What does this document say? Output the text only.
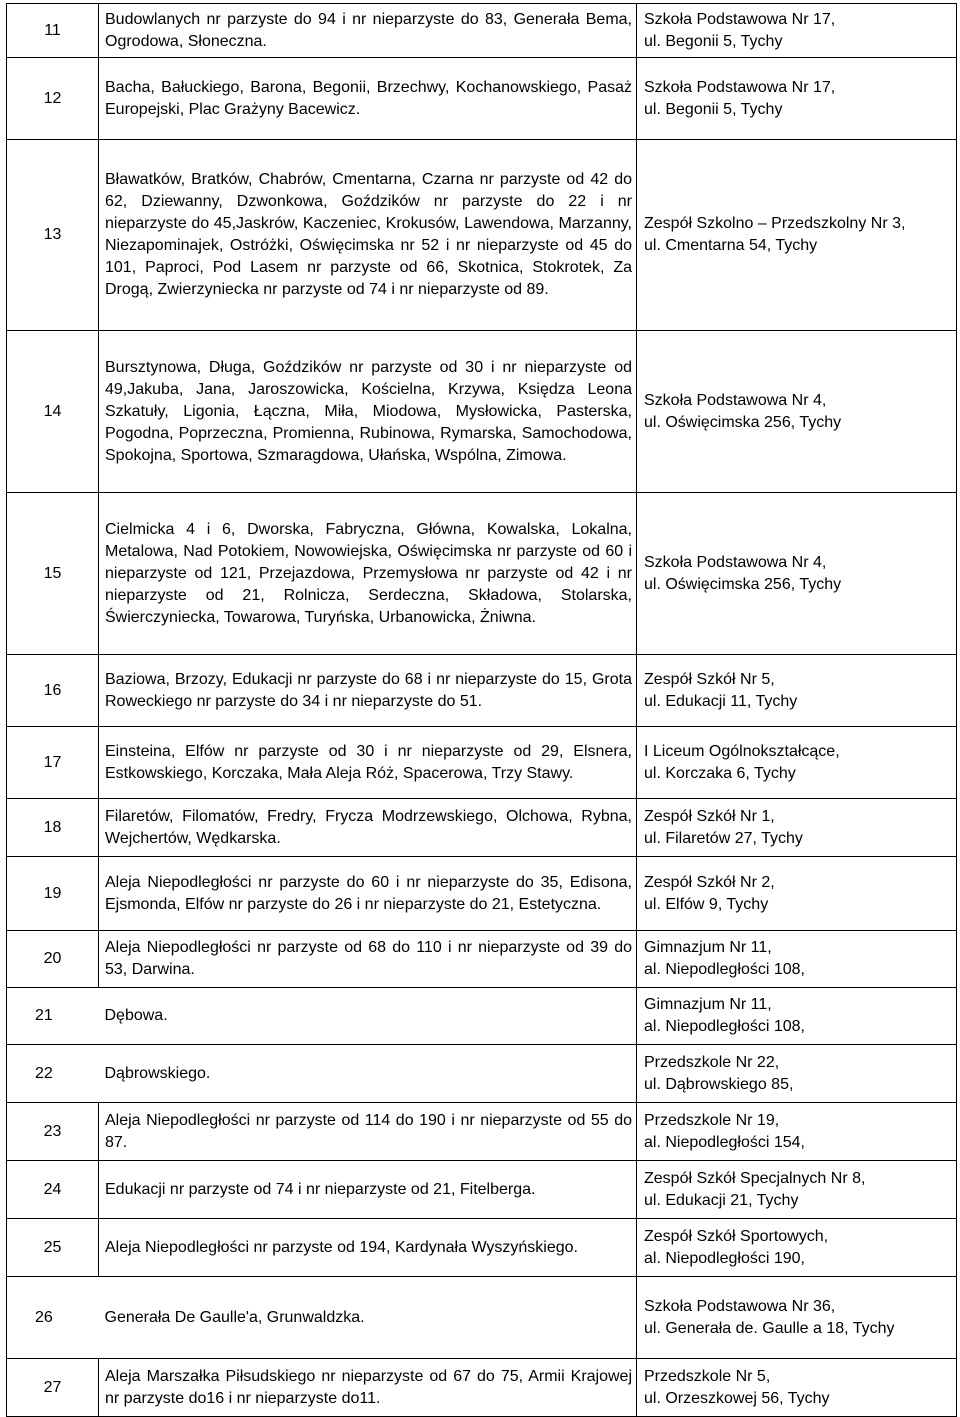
11	Budowlanych nr parzyste do 94 i nr nieparzyste do 83, Generała Bema, Ogrodowa, Słoneczna.	Szkoła Podstawowa Nr 17,
ul. Begonii 5, Tychy

12	Bacha, Bałuckiego, Barona, Begonii, Brzechwy, Kochanowskiego, Pasaż Europejski, Plac Grażyny Bacewicz.	Szkoła Podstawowa Nr 17,
ul. Begonii 5, Tychy

13	Bławatków, Bratków, Chabrów, Cmentarna, Czarna nr parzyste od 42 do 62, Dziewanny, Dzwonkowa, Goździków nr parzyste do 22 i nr nieparzyste do 45,Jaskrów, Kaczeniec, Krokusów, Lawendowa, Marzanny, Niezapominajek, Ostróżki, Oświęcimska nr 52 i nr nieparzyste od 45 do 101, Paproci, Pod Lasem nr parzyste od 66, Skotnica, Stokrotek, Za Drogą, Zwierzyniecka nr parzyste od 74 i nr nieparzyste od 89.	Zespół Szkolno – Przedszkolny Nr 3,
ul. Cmentarna 54, Tychy

14	Bursztynowa, Długa, Goździków nr parzyste od 30 i nr nieparzyste od 49,Jakuba, Jana, Jaroszowicka, Kościelna, Krzywa, Księdza Leona Szkatuły, Ligonia, Łączna, Miła, Miodowa, Mysłowicka, Pasterska, Pogodna, Poprzeczna, Promienna, Rubinowa, Rymarska, Samochodowa, Spokojna, Sportowa, Szmaragdowa, Ułańska, Wspólna, Zimowa.	Szkoła Podstawowa Nr 4,
ul. Oświęcimska 256, Tychy

15	Cielmicka 4 i 6, Dworska, Fabryczna, Główna, Kowalska, Lokalna, Metalowa, Nad Potokiem, Nowowiejska, Oświęcimska nr parzyste od 60 i nieparzyste od 121, Przejazdowa, Przemysłowa nr parzyste od 42 i nr nieparzyste od 21, Rolnicza, Serdeczna, Składowa, Stolarska, Świerczyniecka, Towarowa, Turyńska, Urbanowicka, Żniwna.	Szkoła Podstawowa Nr 4,
ul. Oświęcimska 256, Tychy

16	Baziowa, Brzozy, Edukacji nr parzyste do 68 i nr nieparzyste do 15, Grota Roweckiego nr parzyste do 34 i nr nieparzyste do 51.	Zespół Szkół Nr 5,
ul. Edukacji 11, Tychy

17	Einsteina, Elfów nr parzyste od 30 i nr nieparzyste od 29, Elsnera, Estkowskiego, Korczaka, Mała Aleja Róż, Spacerowa, Trzy Stawy.	I Liceum Ogólnokształcące,
ul. Korczaka 6, Tychy

18	Filaretów, Filomatów, Fredry, Frycza Modrzewskiego, Olchowa, Rybna, Wejchertów, Wędkarska.	Zespół Szkół Nr 1,
ul. Filaretów 27, Tychy

19	Aleja Niepodległości nr parzyste do 60 i nr nieparzyste do 35, Edisona, Ejsmonda, Elfów nr parzyste do 26 i nr nieparzyste do 21, Estetyczna.	Zespół Szkół Nr 2,
ul. Elfów 9, Tychy

20	Aleja Niepodległości nr parzyste od 68 do 110 i nr nieparzyste od 39 do 53, Darwina.	Gimnazjum Nr 11,
al. Niepodległości 108,

21	Dębowa.	Gimnazjum Nr 11,
al. Niepodległości 108,

22	Dąbrowskiego.	Przedszkole Nr 22,
ul. Dąbrowskiego 85,

23	Aleja Niepodległości nr parzyste od 114 do 190 i nr nieparzyste od 55 do 87.	Przedszkole Nr 19,
al. Niepodległości 154,

24	Edukacji nr parzyste od 74 i nr nieparzyste od 21, Fitelberga.	Zespół Szkół Specjalnych Nr 8,
ul. Edukacji 21, Tychy

25	Aleja Niepodległości nr parzyste od 194, Kardynała Wyszyńskiego.	Zespół Szkół Sportowych,
al. Niepodległości 190,

26	Generała De Gaulle'a, Grunwaldzka.	Szkoła Podstawowa Nr 36,
ul. Generała de. Gaulle a 18, Tychy

27	Aleja Marszałka Piłsudskiego nr nieparzyste od 67 do 75, Armii Krajowej nr parzyste do16 i nr nieparzyste do11.	Przedszkole Nr 5,
ul. Orzeszkowej 56, Tychy
